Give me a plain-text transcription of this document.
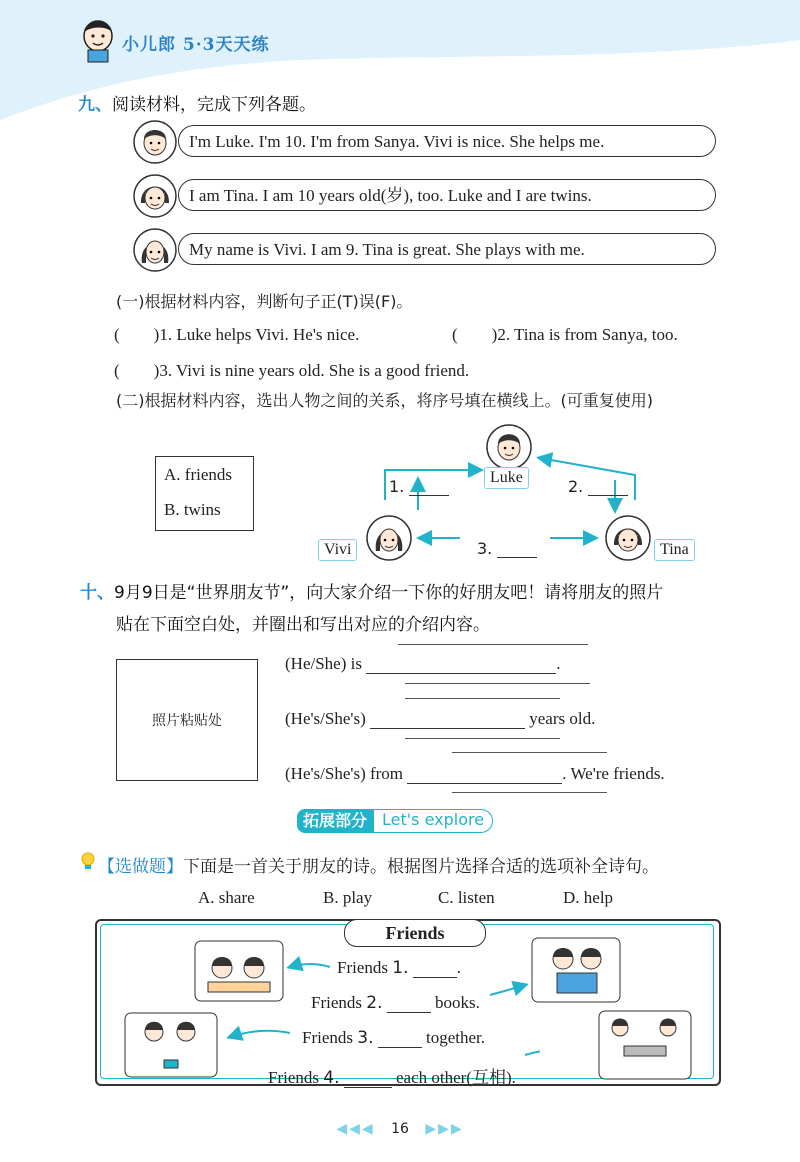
小儿郎 5·3天天练
九、阅读材料，完成下列各题。
I'm Luke. I'm 10. I'm from Sanya. Vivi is nice. She helps me.
I am Tina. I am 10 years old(岁), too. Luke and I are twins.
My name is Vivi. I am 9. Tina is great. She plays with me.
(一)根据材料内容，判断句子正(T)误(F)。
(　　)1. Luke helps Vivi. He's nice.	(　　)2. Tina is from Sanya, too.
(　　)3. Vivi is nine years old. She is a good friend.
(二)根据材料内容，选出人物之间的关系，将序号填在横线上。(可重复使用)
A. friends
B. twins
Luke
Vivi	Tina
1.	2.
3.
十、9月9日是“世界朋友节”，向大家介绍一下你的好朋友吧！请将朋友的照片
贴在下面空白处，并圈出和写出对应的介绍内容。
照片粘贴处
(He/She) is	.
(He's/She's)	years old.
(He's/She's) from	. We're friends.
拓展部分 Let's explore
【选做题】下面是一首关于朋友的诗。根据图片选择合适的选项补全诗句。
A. share	B. play	C. listen	D. help
Friends
Friends 1.	.
Friends 2.	books.
Friends 3.	together.
Friends 4.	each other(互相).
◀◀◀ 16 ▶▶▶
